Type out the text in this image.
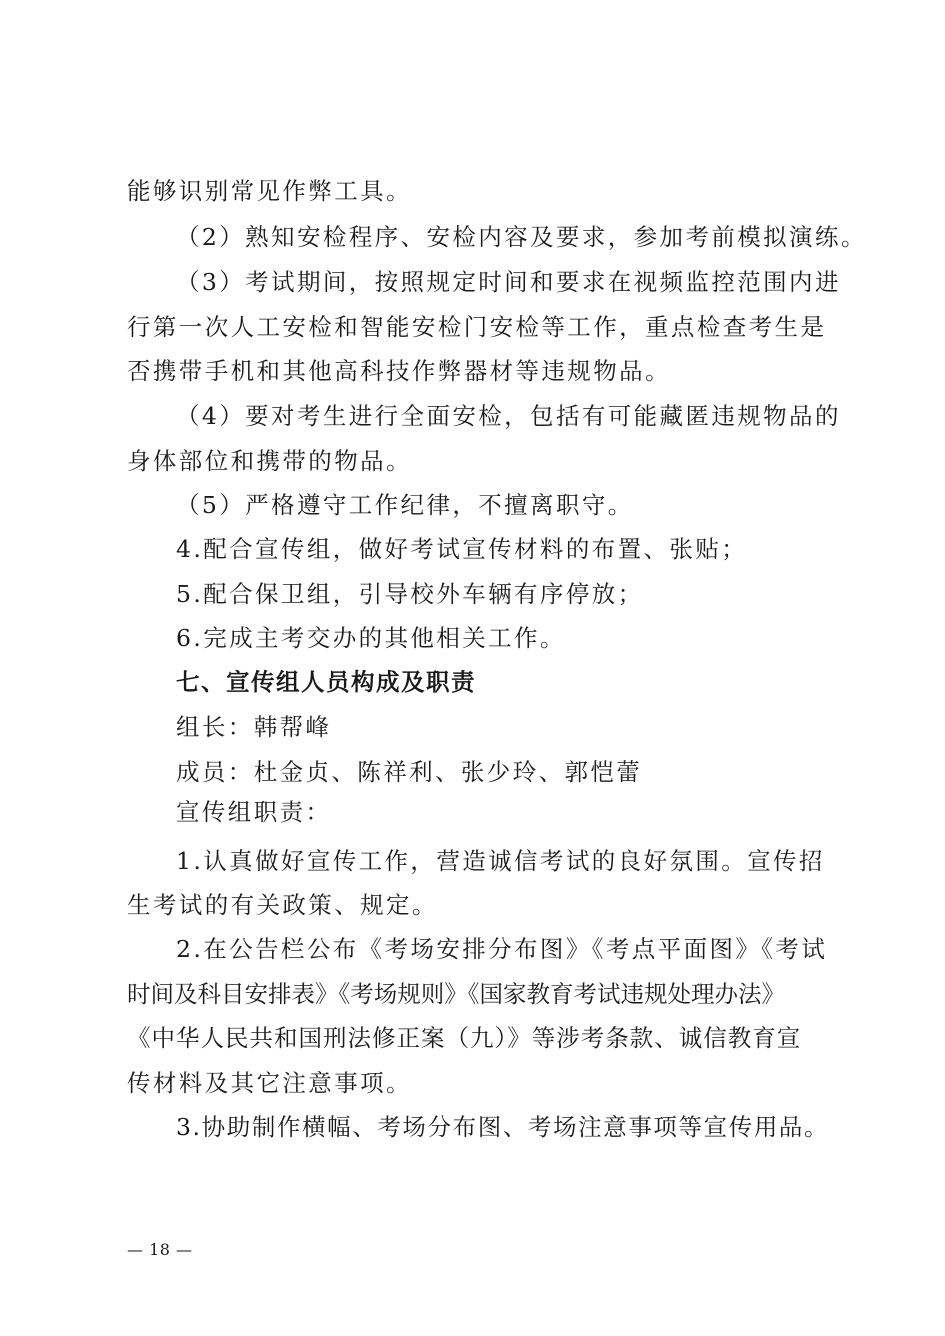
能够识别常见作弊工具。
（2）熟知安检程序、安检内容及要求，参加考前模拟演练。
（3）考试期间，按照规定时间和要求在视频监控范围内进
行第一次人工安检和智能安检门安检等工作，重点检查考生是
否携带手机和其他高科技作弊器材等违规物品。
（4）要对考生进行全面安检，包括有可能藏匿违规物品的
身体部位和携带的物品。
（5）严格遵守工作纪律，不擅离职守。
4.配合宣传组，做好考试宣传材料的布置、张贴；
5.配合保卫组，引导校外车辆有序停放；
6.完成主考交办的其他相关工作。
七、宣传组人员构成及职责
组长：韩帮峰
成员：杜金贞、陈祥利、张少玲、郭恺蕾
宣传组职责：
1.认真做好宣传工作，营造诚信考试的良好氛围。宣传招
生考试的有关政策、规定。
2.在公告栏公布《考场安排分布图》《考点平面图》《考试
时间及科目安排表》《考场规则》《国家教育考试违规处理办法》
《中华人民共和国刑法修正案（九）》等涉考条款、诚信教育宣
传材料及其它注意事项。
3.协助制作横幅、考场分布图、考场注意事项等宣传用品。
— 18 —
